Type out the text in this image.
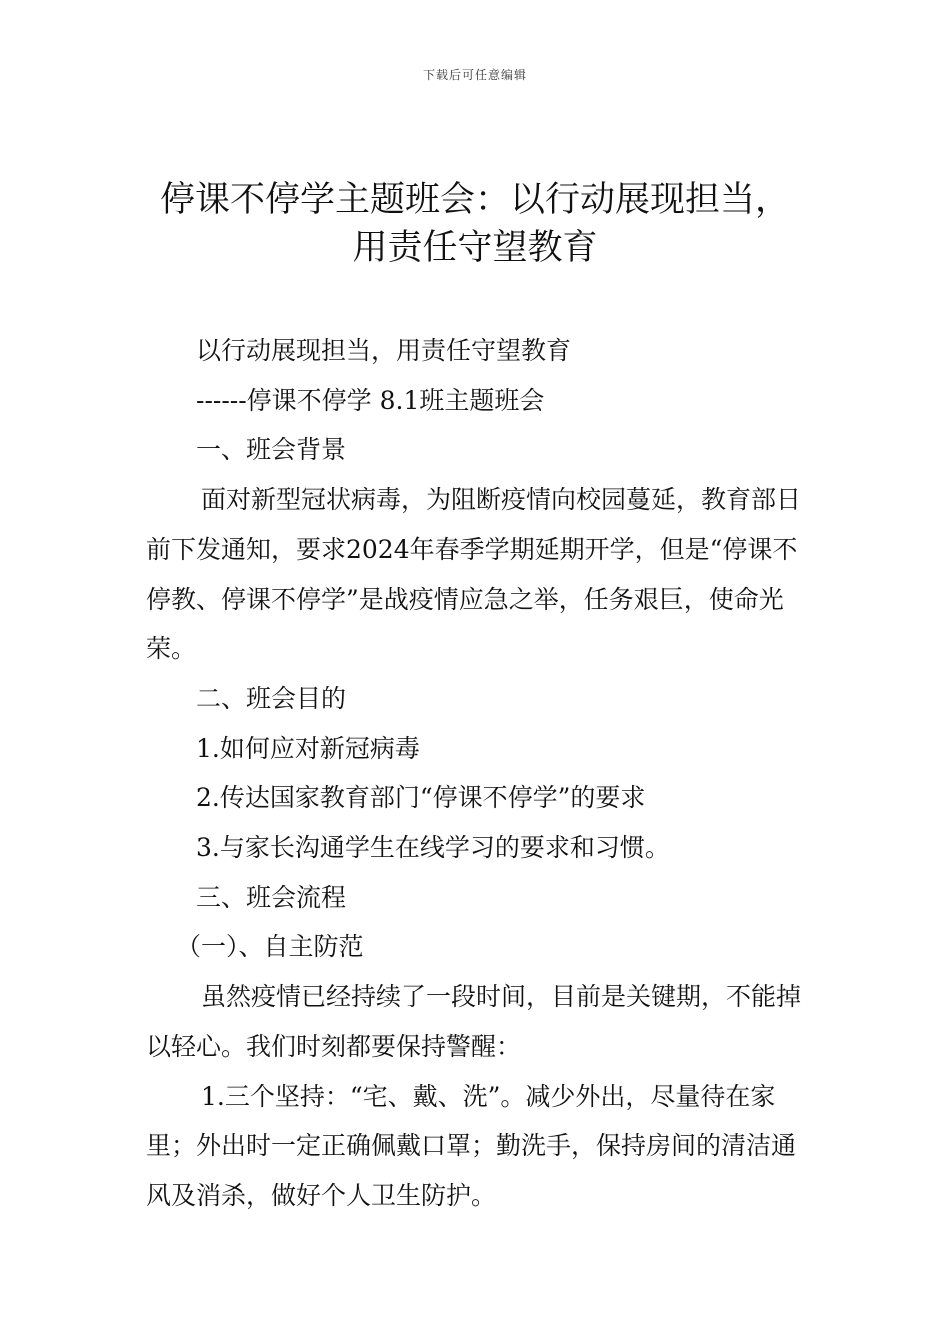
下载后可任意编辑
停课不停学主题班会：以行动展现担当，
用责任守望教育

以行动展现担当，用责任守望教育

------停课不停学 8.1班主题班会

一、班会背景

面对新型冠状病毒，为阻断疫情向校园蔓延，教育部日前下发通知，要求2024年春季学期延期开学，但是“停课不停教、停课不停学”是战疫情应急之举，任务艰巨，使命光荣。

二、班会目的

1.如何应对新冠病毒

2.传达国家教育部门“停课不停学”的要求

3.与家长沟通学生在线学习的要求和习惯。

三、班会流程

（一）、自主防范

虽然疫情已经持续了一段时间，目前是关键期，不能掉以轻心。我们时刻都要保持警醒：

1.三个坚持：“宅、戴、洗”。减少外出，尽量待在家里；外出时一定正确佩戴口罩；勤洗手，保持房间的清洁通风及消杀，做好个人卫生防护。
